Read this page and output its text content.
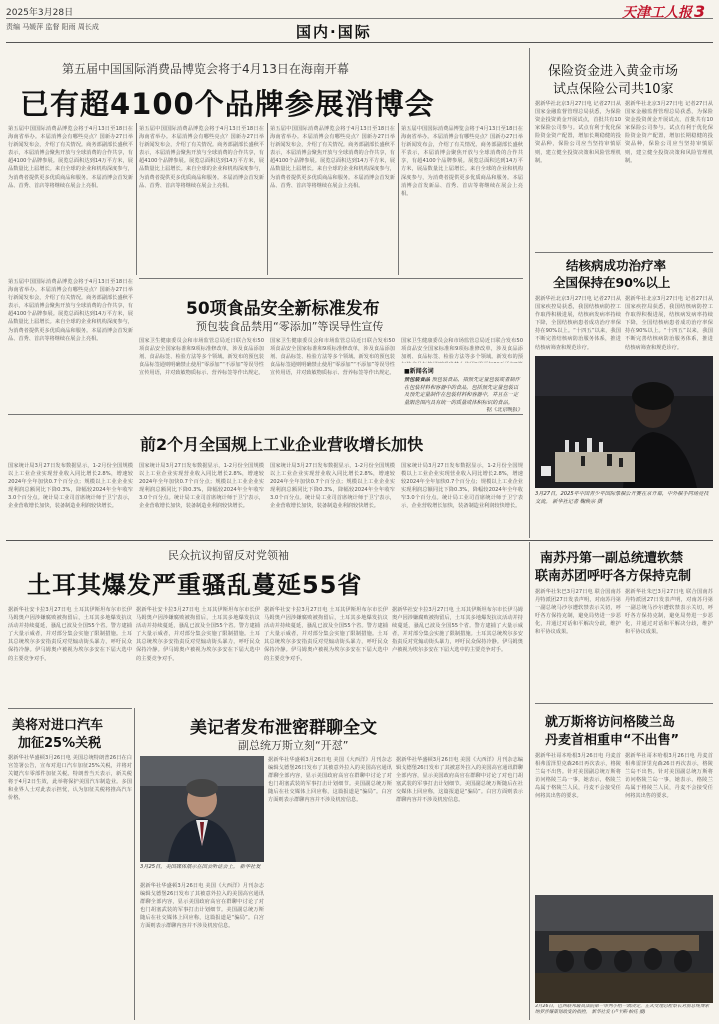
2025年3月28日	天津工人报 3
责编 马媛萍 监督 阳雨 周长成	国内·国际
第五届中国国际消费品博览会将于4月13日在海南开幕
已有超4100个品牌参展消博会
第五届中国国际消费品博览会将于4月13日至18日在海南省举办。本届消博会有哪些亮点？国新办27日举行新闻发布会，介绍了有关情况。商务部副部长盛秋平表示，本届消博会聚焦开放与全球消费的合作共享，有超4100个品牌参展。展览总面积达到14万平方米，展品数量比上届增长。来自全球的企业和机构深度参与，为消费者提供更多优质商品和服务。本届消博会首发新品、首秀、首店等将继续在展会上亮相。
第五届中国国际消费品博览会将于4月13日至18日在海南省举办。本届消博会有哪些亮点？国新办27日举行新闻发布会，介绍了有关情况。商务部副部长盛秋平表示，本届消博会聚焦开放与全球消费的合作共享，有超4100个品牌参展。展览总面积达到14万平方米，展品数量比上届增长。来自全球的企业和机构深度参与，为消费者提供更多优质商品和服务。本届消博会首发新品、首秀、首店等将继续在展会上亮相。
第五届中国国际消费品博览会将于4月13日至18日在海南省举办。本届消博会有哪些亮点？国新办27日举行新闻发布会，介绍了有关情况。商务部副部长盛秋平表示，本届消博会聚焦开放与全球消费的合作共享，有超4100个品牌参展。展览总面积达到14万平方米，展品数量比上届增长。来自全球的企业和机构深度参与，为消费者提供更多优质商品和服务。本届消博会首发新品、首秀、首店等将继续在展会上亮相。
第五届中国国际消费品博览会将于4月13日至18日在海南省举办。本届消博会有哪些亮点？国新办27日举行新闻发布会，介绍了有关情况。商务部副部长盛秋平表示，本届消博会聚焦开放与全球消费的合作共享，有超4100个品牌参展。展览总面积达到14万平方米，展品数量比上届增长。来自全球的企业和机构深度参与，为消费者提供更多优质商品和服务。本届消博会首发新品、首秀、首店等将继续在展会上亮相。
第五届中国国际消费品博览会将于4月13日至18日在海南省举办。本届消博会有哪些亮点？国新办27日举行新闻发布会，介绍了有关情况。商务部副部长盛秋平表示，本届消博会聚焦开放与全球消费的合作共享，有超4100个品牌参展。展览总面积达到14万平方米，展品数量比上届增长。来自全球的企业和机构深度参与，为消费者提供更多优质商品和服务。本届消博会首发新品、首秀、首店等将继续在展会上亮相。
50项食品安全新标准发布
预包装食品禁用“零添加”等误导性宣传
国家卫生健康委员会和市场监管总局近日联合发布50项食品安全国家标准和9项标准修改单，涉及食品添加剂、食品标签、检验方法等多个领域。新发布的预包装食品标签通则明确禁止使用“零添加”“不添加”等误导性宣传用语，并对致敏物质标示、营养标签等作出规定。
国家卫生健康委员会和市场监管总局近日联合发布50项食品安全国家标准和9项标准修改单，涉及食品添加剂、食品标签、检验方法等多个领域。新发布的预包装食品标签通则明确禁止使用“零添加”“不添加”等误导性宣传用语，并对致敏物质标示、营养标签等作出规定。
国家卫生健康委员会和市场监管总局近日联合发布50项食品安全国家标准和9项标准修改单，涉及食品添加剂、食品标签、检验方法等多个领域。新发布的预
■新闻名词
预包装食品 预包装食品，指预先定量包装或者制作在包装材料和容器中的食品，包括预先定量包装以及预先定量制作在包装材料和容器中，并且在一定量限范围内具有统一的质量或体积标识的食品。
据《北京晚报》
国家统计局3月27日发布数据显示，1-2月份全国规模以上工业企业实现营业收入同比增长2.8%，增速较2024年全年加快0.7个百分点；规模以上工业企业实现利润总额同比下降0.3%，降幅较2024年全年收窄3.0个百分点。统计局工业司首席统计师于卫宁表示，企业营收增长加快，装备制造业利润较快增长。
前2个月全国规上工业企业营收增长加快
国家统计局3月27日发布数据显示，1-2月份全国规模以上工业企业实现营业收入同比增长2.8%，增速较2024年全年加快0.7个百分点；规模以上工业企业实现利润总额同比下降0.3%，降幅较2024年全年收窄3.0个百分点。统计局工业司首席统计师于卫宁表示，企业营收增长加快，装备制造业利润较快增长。
国家统计局3月27日发布数据显示，1-2月份全国规模以上工业企业实现营业收入同比增长2.8%，增速较2024年全年加快0.7个百分点；规模以上工业企业实现利润总额同比下降0.3%，降幅较2024年全年收窄3.0个百分点。统计局工业司首席统计师于卫宁表示，企业营收增长加快，装备制造业利润较快增长。
国家统计局3月27日发布数据显示，1-2月份全国规模以上工业企业实现营业收入同比增长2.8%，增速较2024年全年加快0.7个百分点；规模以上工业企业实现利润总额同比下降0.3%，降幅较2024年全年收窄3.0个百分点。统计局工业司首席统计师于卫宁表示，企业营收增长加快，装备制造业利润较快增长。
保险资金进入黄金市场
试点保险公司共10家
据新华社北京3月27日电 记者27日从国家金融监督管理总局获悉，为保险资金投资黄金开展试点，首批共有10家保险公司参与。试点有利于优化保险资金资产配置，增加长期稳健的投资品种，保险公司应当坚持审慎原则，建立健全投资决策和风险管理机制。
据新华社北京3月27日电 记者27日从国家金融监督管理总局获悉，为保险资金投资黄金开展试点，首批共有10家保险公司参与。试点有利于优化保险资金资产配置，增加长期稳健的投资品种，保险公司应当坚持审慎原则，建立健全投资决策和风险管理机制。
结核病成功治疗率
全国保持在90%以上
据新华社北京3月27日电 记者27日从国家疾控局获悉，我国结核病防控工作取得积极进展，结核病发病率持续下降，全国结核病患者成功治疗率保持在90%以上。“十四五”以来，我国不断完善结核病防治服务体系，推进结核病筛查和规范诊疗。
据新华社北京3月27日电 记者27日从国家疾控局获悉，我国结核病防控工作取得积极进展，结核病发病率持续下降，全国结核病患者成功治疗率保持在90%以上。“十四五”以来，我国不断完善结核病防治服务体系，推进结核病筛查和规范诊疗。
3月27日，2025年中国青少年国际象棋公开赛在京开幕，中外棋手同场竞技交流。 新华社记者 鞠焕宗 摄
民众抗议拘留反对党领袖
土耳其爆发严重骚乱蔓延55省
据新华社安卡拉3月27日电 土耳其伊斯坦布尔市长伊马姆奥卢因涉嫌腐败被拘留后，土耳其多地爆发抗议活动并持续蔓延，骚乱已波及全国55个省。警方逮捕了大量示威者，并对部分集会实施了限制措施。土耳其总统埃尔多安指责反对党煽动街头暴力，呼吁民众保持冷静。伊马姆奥卢被视为埃尔多安在下届大选中的主要竞争对手。
据新华社安卡拉3月27日电 土耳其伊斯坦布尔市长伊马姆奥卢因涉嫌腐败被拘留后，土耳其多地爆发抗议活动并持续蔓延，骚乱已波及全国55个省。警方逮捕了大量示威者，并对部分集会实施了限制措施。土耳其总统埃尔多安指责反对党煽动街头暴力，呼吁民众保持冷静。伊马姆奥卢被视为埃尔多安在下届大选中的主要竞争对手。
据新华社安卡拉3月27日电 土耳其伊斯坦布尔市长伊马姆奥卢因涉嫌腐败被拘留后，土耳其多地爆发抗议活动并持续蔓延，骚乱已波及全国55个省。警方逮捕了大量示威者，并对部分集会实施了限制措施。土耳其总统埃尔多安指责反对党煽动街头暴力，呼吁民众保持冷静。伊马姆奥卢被视为埃尔多安在下届大选中的主要竞争对手。
据新华社安卡拉3月27日电 土耳其伊斯坦布尔市长伊马姆奥卢因涉嫌腐败被拘留后，土耳其多地爆发抗议活动并持续蔓延，骚乱已波及全国55个省。警方逮捕了大量示威者，并对部分集会实施了限制措施。土耳其总统埃尔多安指责反对党煽动街头暴力，呼吁民众保持冷静。伊马姆奥卢被视为埃尔多安在下届大选中的主要竞争对手。
南苏丹第一副总统遭软禁
联南苏团呼吁各方保持克制
据新华社朱巴3月27日电 联合国南苏丹特派团27日发表声明，对南苏丹第一副总统马沙尔遭软禁表示关切，呼吁各方保持克制，避免局势进一步恶化，并通过对话和平解决分歧，维护和平协议成果。
据新华社朱巴3月27日电 联合国南苏丹特派团27日发表声明，对南苏丹第一副总统马沙尔遭软禁表示关切，呼吁各方保持克制，避免局势进一步恶化，并通过对话和平解决分歧，维护和平协议成果。
就万斯将访问格陵兰岛
丹麦首相重申“不出售”
据新华社哥本哈根3月26日电 丹麦首相弗雷泽里克森26日再次表示，格陵兰岛不出售。针对美国副总统万斯将访问格陵兰岛一事，她表示，格陵兰岛属于格陵兰人民，丹麦不会接受任何将其出售的要求。
据新华社哥本哈根3月26日电 丹麦首相弗雷泽里克森26日再次表示，格陵兰岛不出售。针对美国副总统万斯将访问格陵兰岛一事，她表示，格陵兰岛属于格陵兰人民，丹麦不会接受任何将其出售的要求。
3月26日，巴西联邦最高法院第一审判小组一致决定，正式受理总检察长对前总统博索纳罗涉嫌策划政变的指控。 新华社发 (卢卡斯·帕托 摄)
美将对进口汽车
加征25%关税
据新华社华盛顿3月26日电 美国总统特朗普26日在白宫签署公告，宣布对进口汽车加征25%关税，并将对关键汽车零部件加征关税。特朗普当天表示，新关税将于4月2日生效，此举将保护美国汽车制造业。多国和业界人士对此表示担忧，认为加征关税将推高汽车价格。
美记者发布泄密群聊全文
副总统万斯立刻“开怼”
3月25日，美国媒体展示在国会听证会上。 新华社发
据新华社华盛顿3月26日电 美国《大西洋》月刊杂志编辑戈德堡26日发布了其被意外拉入的美国高官通讯群聊全部内容，显示美国政府高官在群聊中讨论了对也门胡塞武装的军事打击计划细节。美国副总统万斯随后在社交媒体上回应称，这篇报道是“骗局”。白宫方面则表示群聊内容并不涉及机密信息。
据新华社华盛顿3月26日电 美国《大西洋》月刊杂志编辑戈德堡26日发布了其被意外拉入的美国高官通讯群聊全部内容，显示美国政府高官在群聊中讨论了对也门胡塞武装的军事打击计划细节。美国副总统万斯随后在社交媒体上回应称，这篇报道是“骗局”。白宫方面则表示群聊内容并不涉及机密信息。
据新华社华盛顿3月26日电 美国《大西洋》月刊杂志编辑戈德堡26日发布了其被意外拉入的美国高官通讯群聊全部内容，显示美国政府高官在群聊中讨论了对也门胡塞武装的军事打击计划细节。美国副总统万斯随后在社交媒体上回应称，这篇报道是“骗局”。白宫方面则表示群聊内容并不涉及机密信息。
